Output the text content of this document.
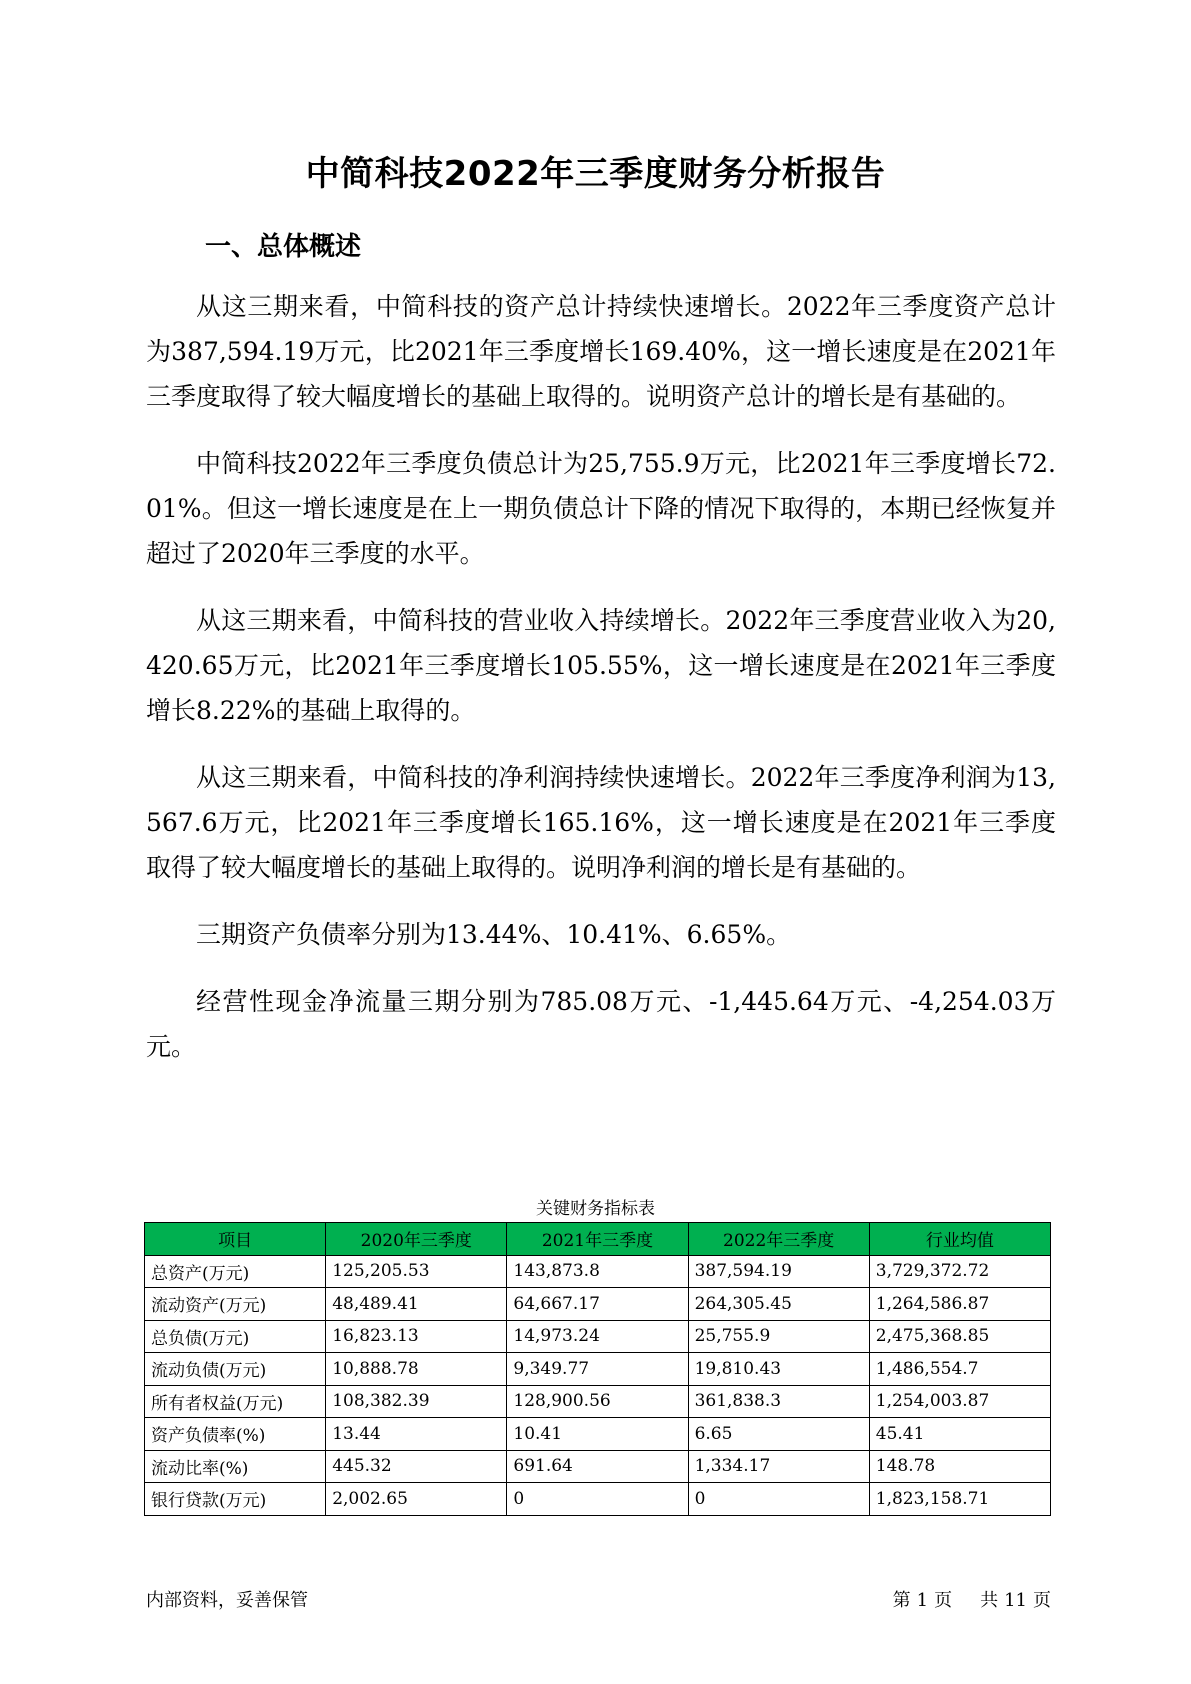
中简科技2022年三季度财务分析报告
一、总体概述

从这三期来看，中简科技的资产总计持续快速增长。2022年三季度资产总计为387,594.19万元，比2021年三季度增长169.40%，这一增长速度是在2021年三季度取得了较大幅度增长的基础上取得的。说明资产总计的增长是有基础的。

中简科技2022年三季度负债总计为25,755.9万元，比2021年三季度增长72.01%。但这一增长速度是在上一期负债总计下降的情况下取得的，本期已经恢复并超过了2020年三季度的水平。

从这三期来看，中简科技的营业收入持续增长。2022年三季度营业收入为20,420.65万元，比2021年三季度增长105.55%，这一增长速度是在2021年三季度增长8.22%的基础上取得的。

从这三期来看，中简科技的净利润持续快速增长。2022年三季度净利润为13,567.6万元，比2021年三季度增长165.16%，这一增长速度是在2021年三季度取得了较大幅度增长的基础上取得的。说明净利润的增长是有基础的。

三期资产负债率分别为13.44%、10.41%、6.65%。

经营性现金净流量三期分别为785.08万元、-1,445.64万元、-4,254.03万元。

关键财务指标表
项目	2020年三季度	2021年三季度	2022年三季度	行业均值
总资产(万元)	125,205.53	143,873.8	387,594.19	3,729,372.72
流动资产(万元)	48,489.41	64,667.17	264,305.45	1,264,586.87
总负债(万元)	16,823.13	14,973.24	25,755.9	2,475,368.85
流动负债(万元)	10,888.78	9,349.77	19,810.43	1,486,554.7
所有者权益(万元)	108,382.39	128,900.56	361,838.3	1,254,003.87
资产负债率(%)	13.44	10.41	6.65	45.41
流动比率(%)	445.32	691.64	1,334.17	148.78
银行贷款(万元)	2,002.65	0	0	1,823,158.71
内部资料，妥善保管	第 1 页 共 11 页
